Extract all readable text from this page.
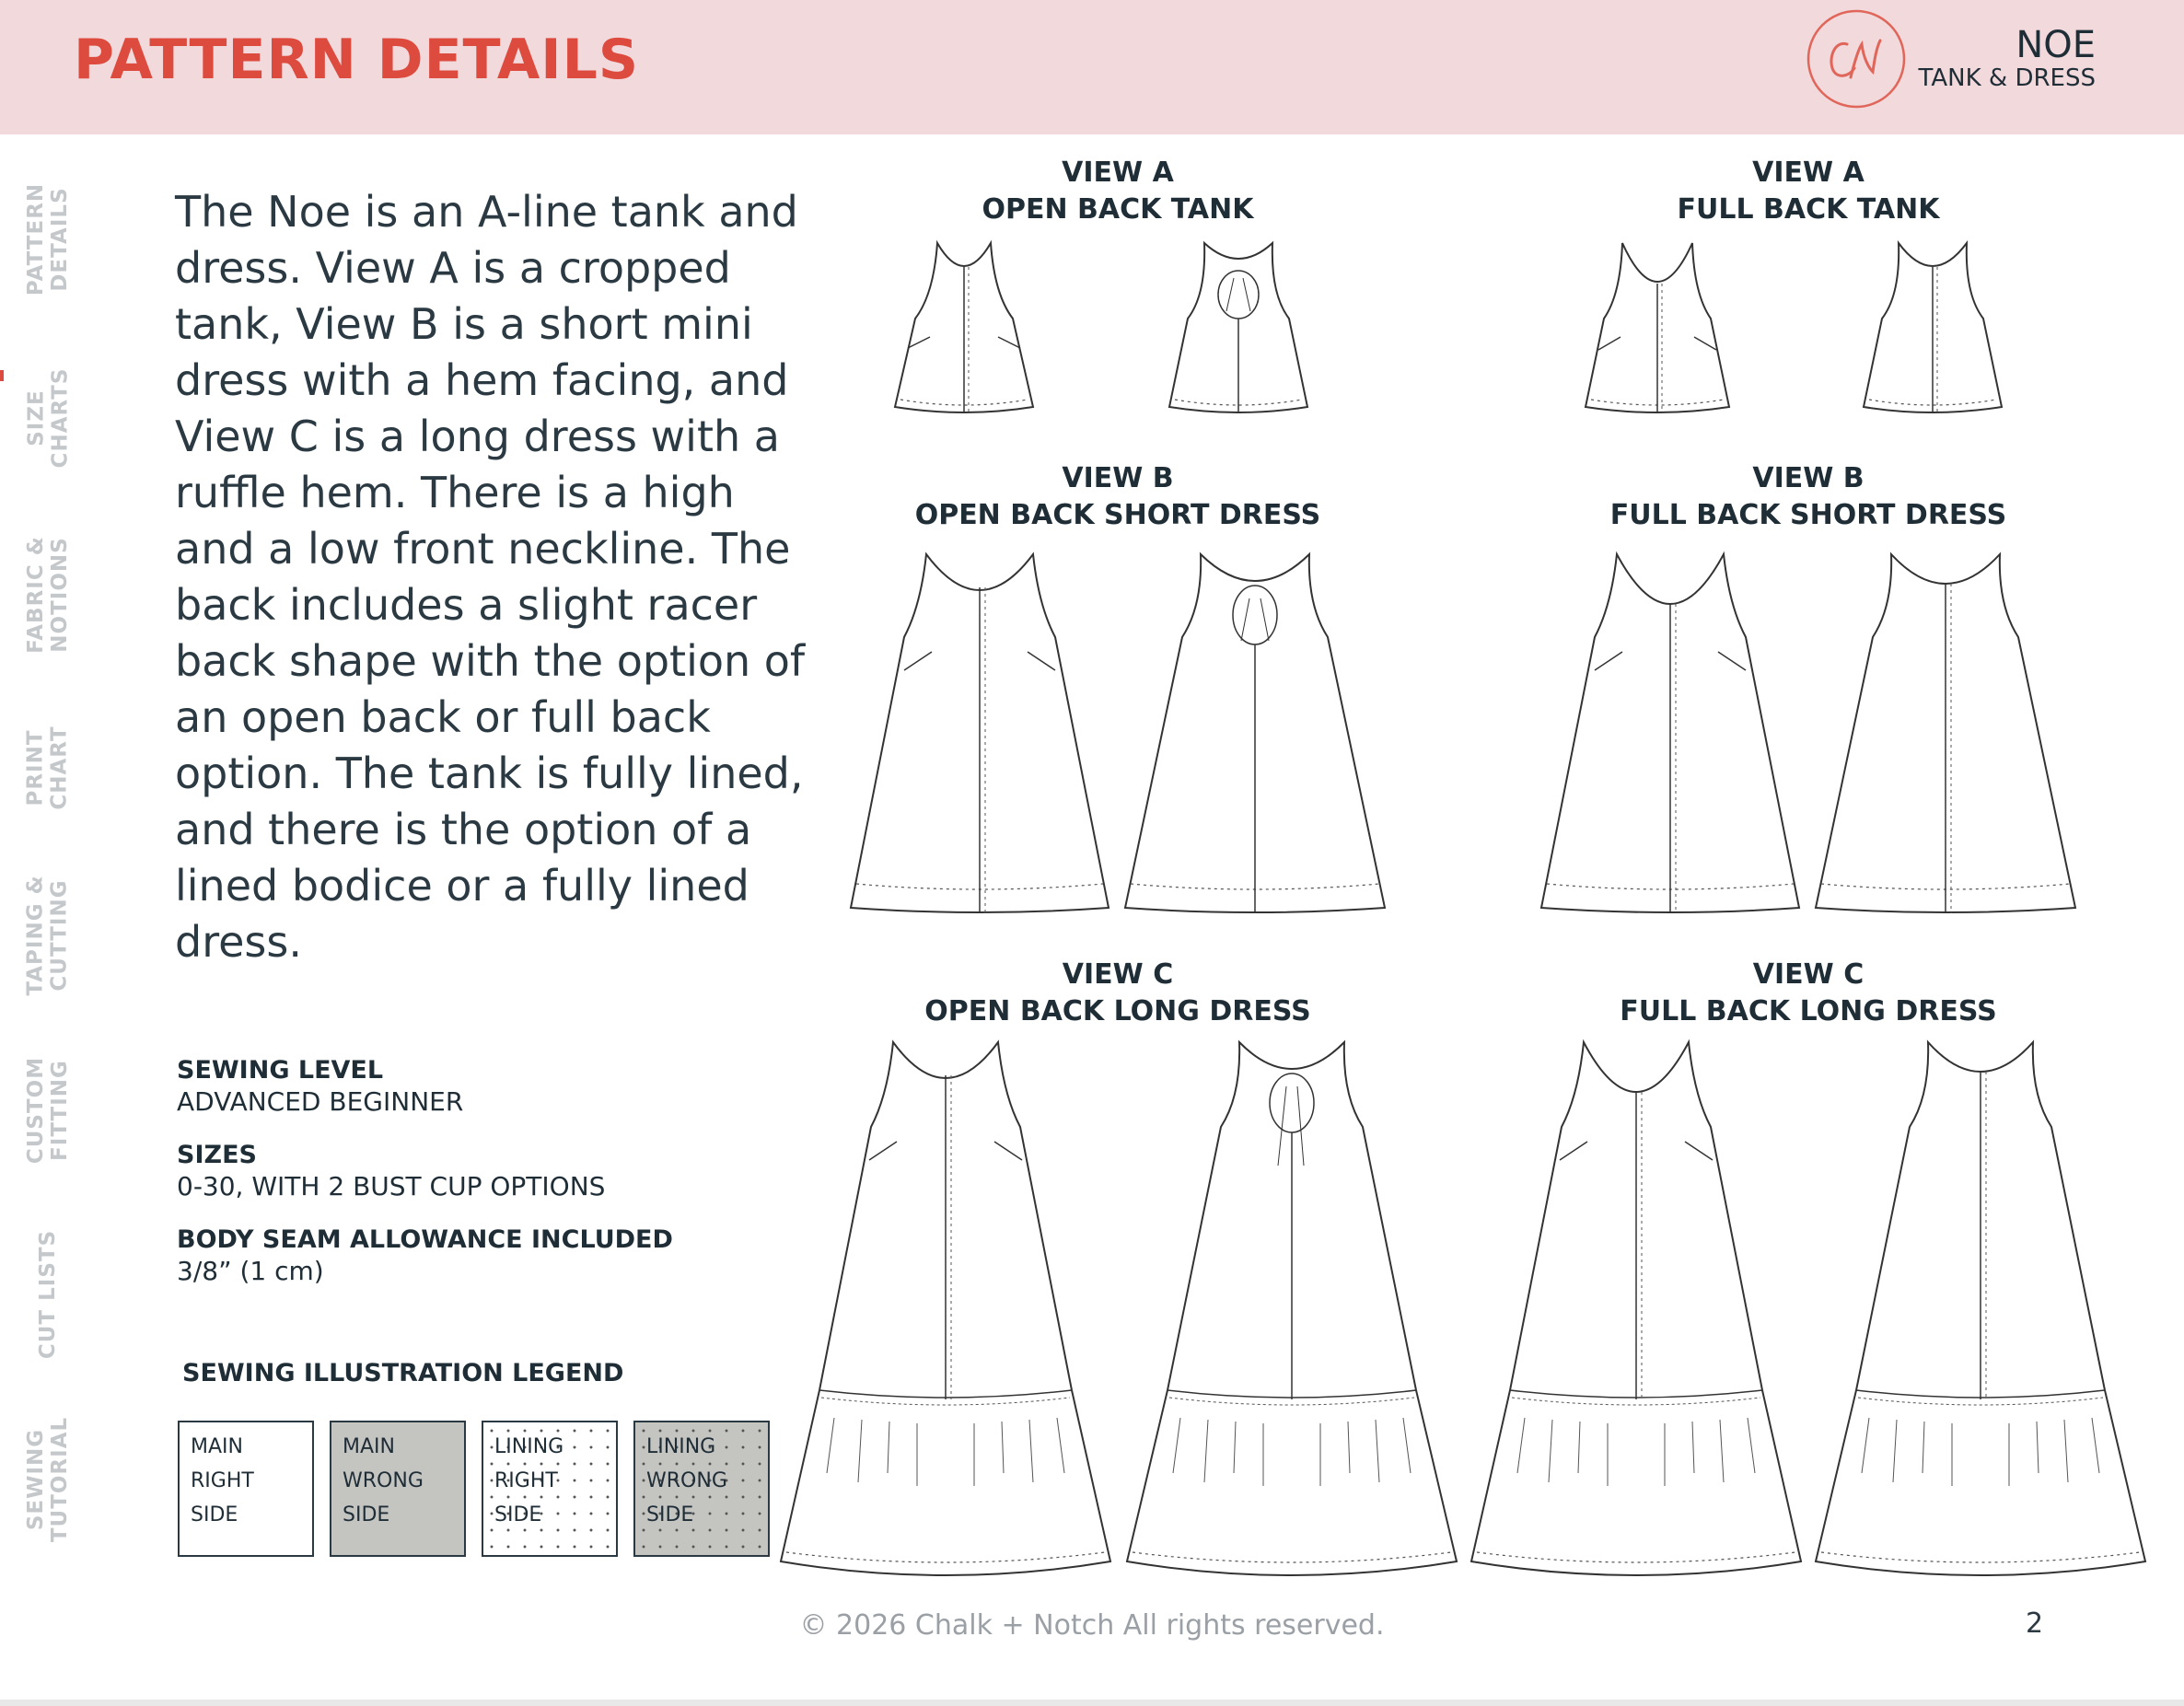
PATTERN DETAILS	NOE
TANK & DRESS
PATTERN
DETAILS
SIZE
CHARTS
FABRIC &
NOTIONS
PRINT
CHART
TAPING &
CUTTING
CUSTOM
FITTING
CUT LISTS
SEWING
TUTORIAL
The Noe is an A-line tank and dress. View A is a cropped tank, View B is a short mini dress with a hem facing, and View C is a long dress with a ruffle hem. There is a high and a low front neckline. The back includes a slight racer back shape with the option of an open back or full back option. The tank is fully lined, and there is the option of a lined bodice or a fully lined dress.
SEWING LEVEL
ADVANCED BEGINNER
SIZES
0-30, WITH 2 BUST CUP OPTIONS
BODY SEAM ALLOWANCE INCLUDED
3/8” (1 cm)
SEWING ILLUSTRATION LEGEND
MAIN
RIGHT
SIDE
MAIN
WRONG
SIDE
LINING
RIGHT
SIDE
LINING
WRONG
SIDE
VIEW A
OPEN BACK TANK
VIEW A
FULL BACK TANK
VIEW B
OPEN BACK SHORT DRESS
VIEW B
FULL BACK SHORT DRESS
VIEW C
OPEN BACK LONG DRESS
VIEW C
FULL BACK LONG DRESS
© 2026 Chalk + Notch All rights reserved.	2
